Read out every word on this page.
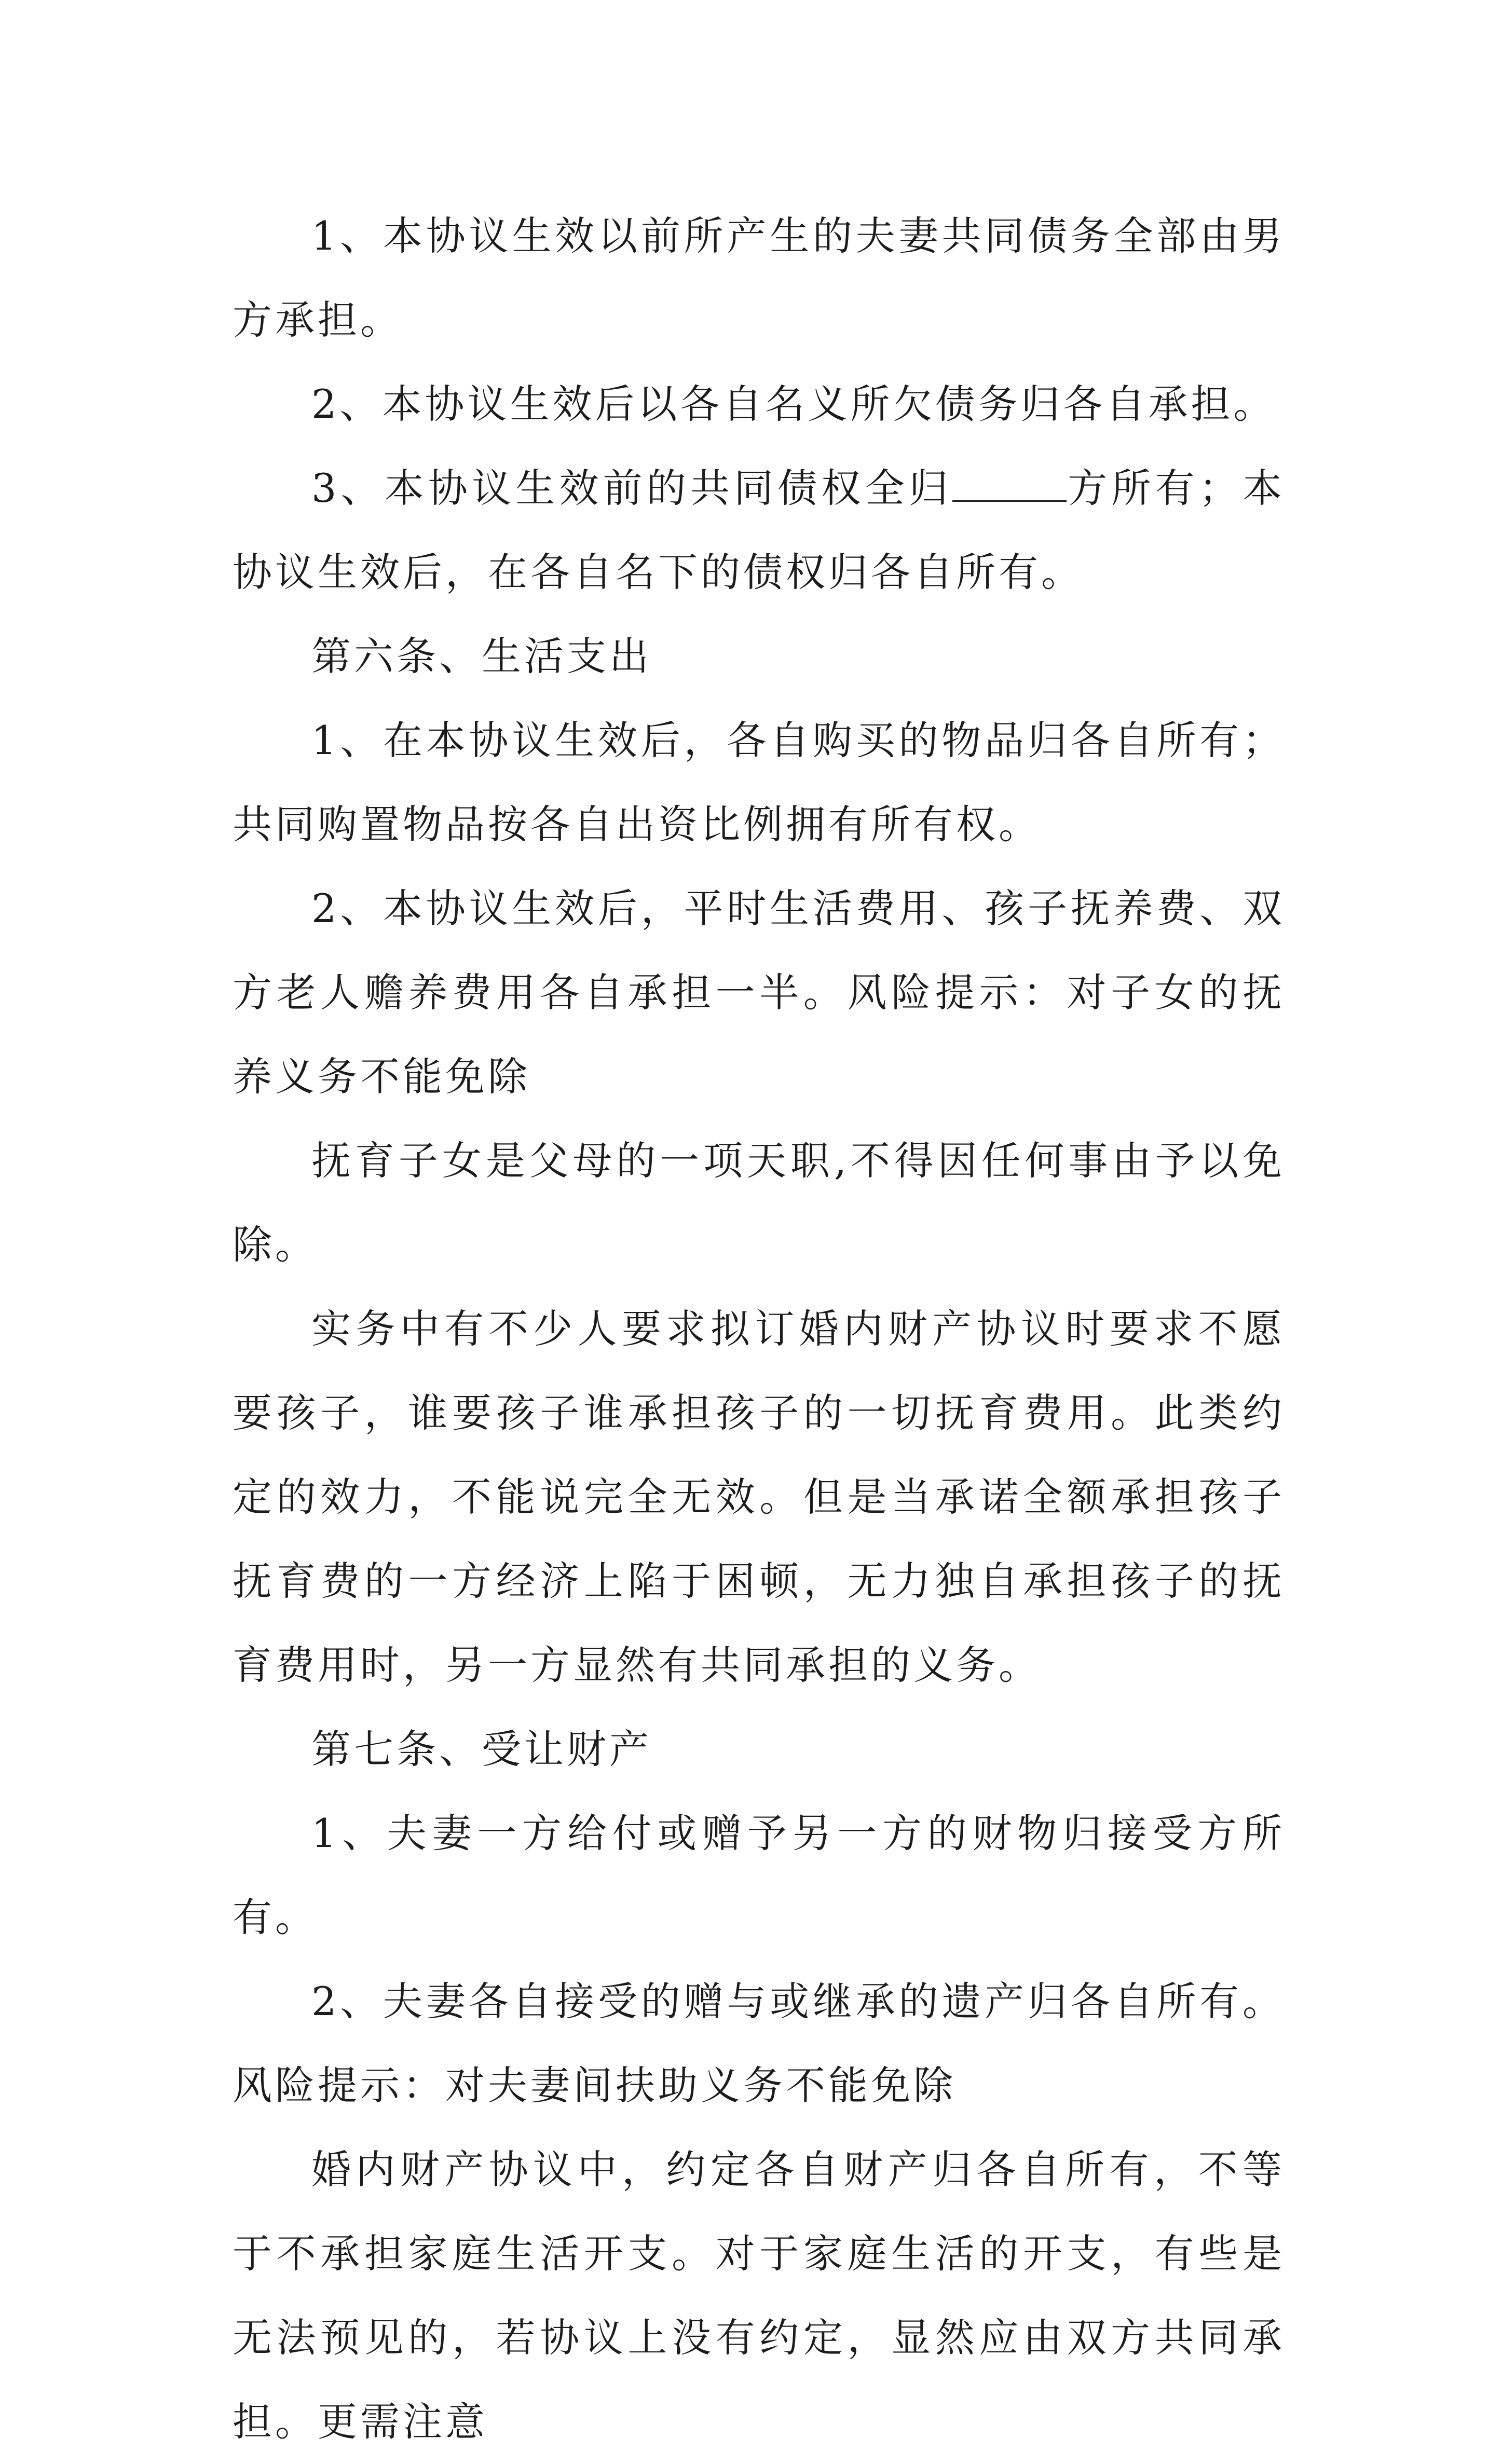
1、本协议生效以前所产生的夫妻共同债务全部由男方承担。

2、本协议生效后以各自名义所欠债务归各自承担。

3、本协议生效前的共同债权全归	方所有；本协议生效后，在各自名下的债权归各自所有。

第六条、生活支出

1、在本协议生效后，各自购买的物品归各自所有；共同购置物品按各自出资比例拥有所有权。

2、本协议生效后，平时生活费用、孩子抚养费、双方老人赡养费用各自承担一半。风险提示：对子女的抚养义务不能免除

抚育子女是父母的一项天职,不得因任何事由予以免除。

实务中有不少人要求拟订婚内财产协议时要求不愿要孩子，谁要孩子谁承担孩子的一切抚育费用。此类约定的效力，不能说完全无效。但是当承诺全额承担孩子抚育费的一方经济上陷于困顿，无力独自承担孩子的抚育费用时，另一方显然有共同承担的义务。

第七条、受让财产

1、夫妻一方给付或赠予另一方的财物归接受方所有。

2、夫妻各自接受的赠与或继承的遗产归各自所有。风险提示：对夫妻间扶助义务不能免除

婚内财产协议中，约定各自财产归各自所有，不等于不承担家庭生活开支。对于家庭生活的开支，有些是无法预见的，若协议上没有约定，显然应由双方共同承担。更需注意
